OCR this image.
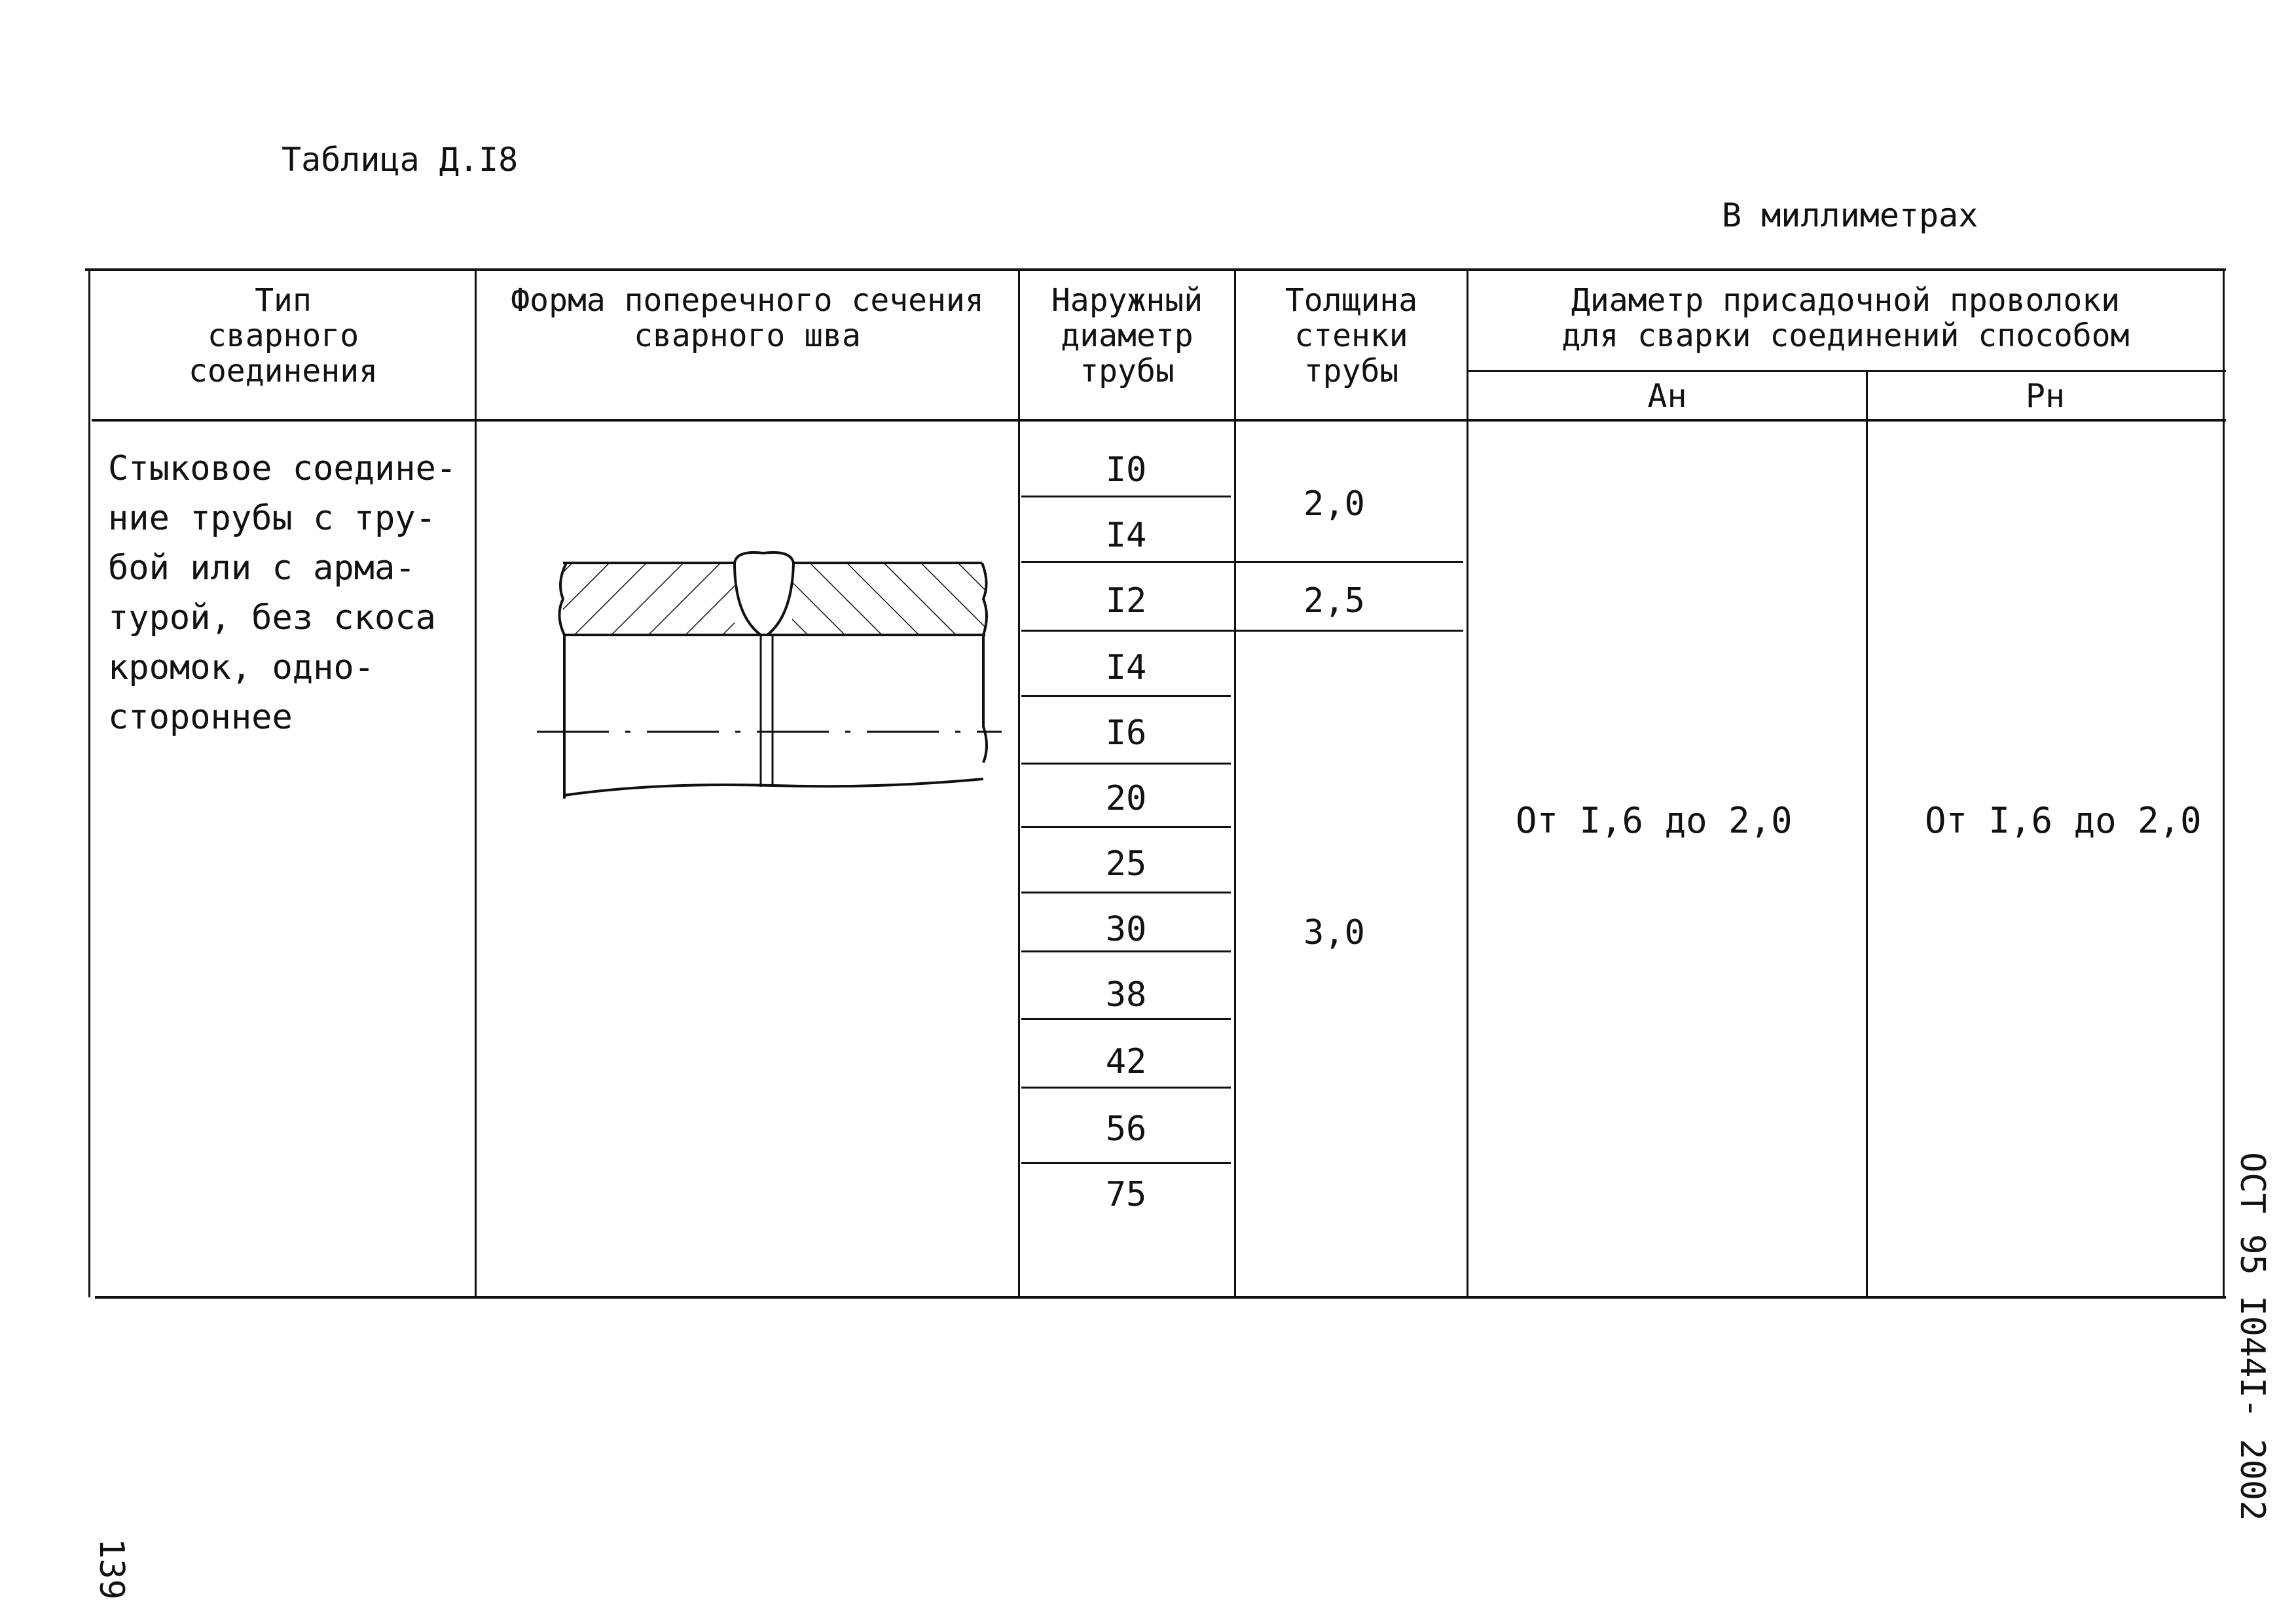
Таблица Д.I8
В миллиметрах
ОСТ 95 I044I- 2002
139
Тип
сварного
соединения
Форма поперечного сечения
сварного шва
Наружный
диаметр
трубы
Толщина
стенки
трубы
Диаметр присадочной проволоки
для сварки соединений способом
Ан	Рн
Стыковое соедине-
ние трубы с тру-
бой или с арма-
турой, без скоса
кромок, одно-
стороннее
I0
I4
I2
I4
I6
20
25
30
38
42
56
75
2,0
2,5
3,0
От I,6 до 2,0	От I,6 до 2,0
